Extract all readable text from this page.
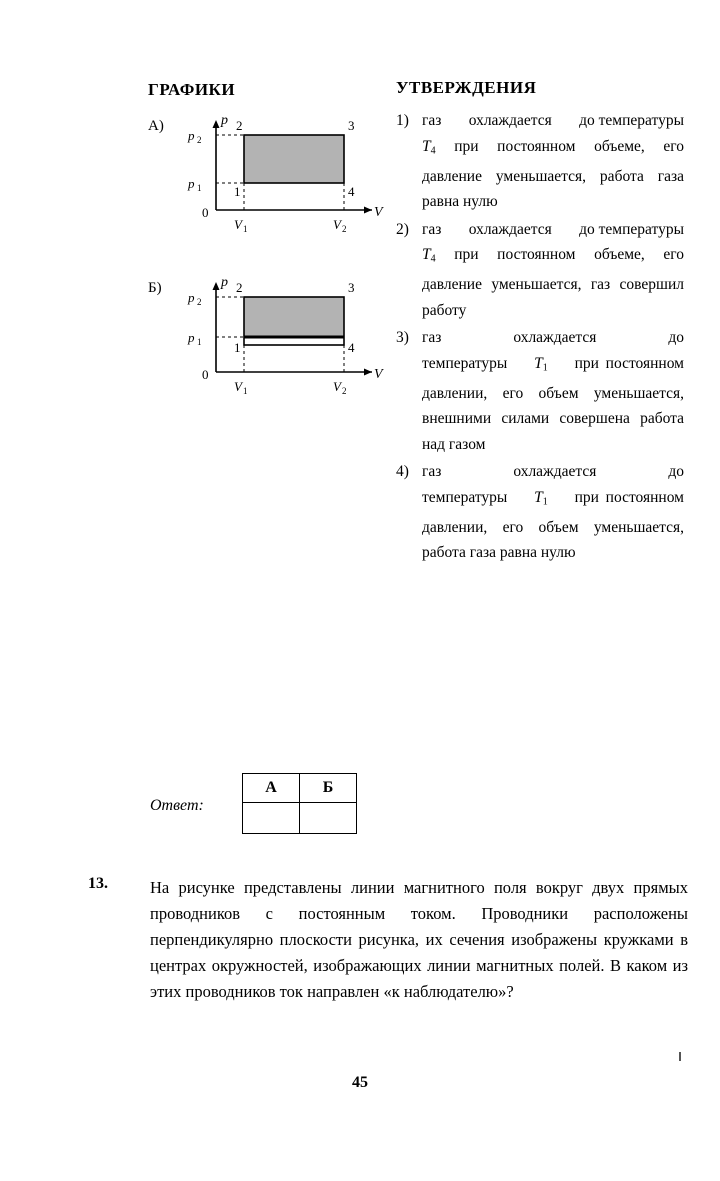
ГРАФИКИ	УТВЕРЖДЕНИЯ
А)	p
V
p 2
p 1
0
V 1	V 2
2	3
1	4
Б)	p
V
p 2
p 1
0
V 1	V 2
2	3
1	4
1) газ       охлаждается       до температуры $T_4$ при постоянном объеме, его давление уменьшается, работа газа равна нулю
2) газ       охлаждается       до температуры $T_4$ при постоянном объеме, его давление уменьшается, газ совершил работу
3) газ       охлаждается       до температуры    $T_1$    при постоянном давлении, его объем уменьшается, внешними силами совершена работа над газом
4) газ       охлаждается       до температуры    $T_1$    при постоянном давлении, его объем уменьшается, работа газа равна нулю
Ответ:
А	Б

13.	На рисунке представлены линии магнитного поля вокруг двух прямых проводников с постоянным током. Проводники расположены перпендикулярно плоскости рисунка, их сечения изображены кружками в центрах окружностей, изображающих линии магнитных полей. В каком из этих проводников ток направлен «к наблюдателю»?
45
